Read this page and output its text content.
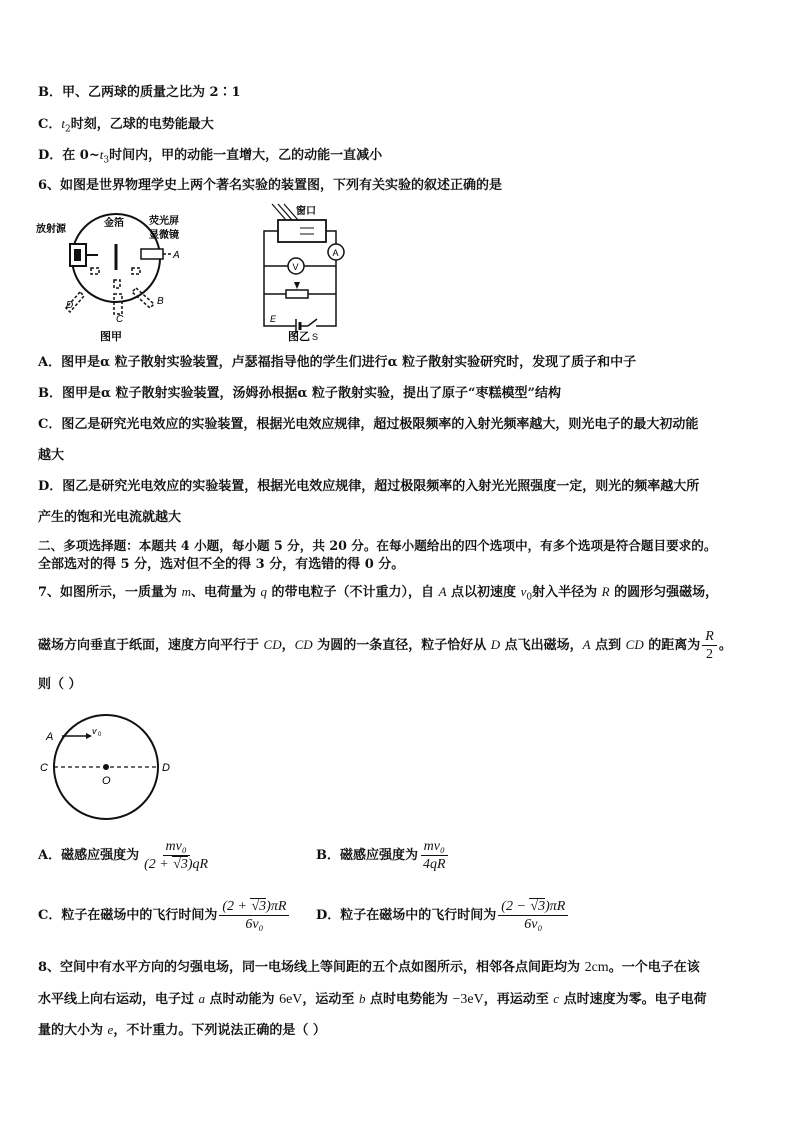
B．甲、乙两球的质量之比为 2∶1
C．$t_2$时刻，乙球的电势能最大
D．在 $0\sim t_3$时间内，甲的动能一直增大，乙的动能一直减小
6、如图是世界物理学史上两个著名实验的装置图，下列有关实验的叙述正确的是
放射源
金箔	荧光屏
显微镜
A
B
C
D
图甲
窗口
A
V
E
S
图乙
A．图甲是α 粒子散射实验装置，卢瑟福指导他的学生们进行α 粒子散射实验研究时，发现了质子和中子
B．图甲是α 粒子散射实验装置，汤姆孙根据α 粒子散射实验，提出了原子“枣糕模型”结构
C．图乙是研究光电效应的实验装置，根据光电效应规律，超过极限频率的入射光频率越大，则光电子的最大初动能
越大
D．图乙是研究光电效应的实验装置，根据光电效应规律，超过极限频率的入射光光照强度一定，则光的频率越大所
产生的饱和光电流就越大
二、多项选择题：本题共 4 小题，每小题 5 分，共 20 分。在每小题给出的四个选项中，有多个选项是符合题目要求的。
全部选对的得 5 分，选对但不全的得 3 分，有选错的得 0 分。
7、如图所示，一质量为 m、电荷量为 q 的带电粒子（不计重力），自 A 点以初速度 $v_0$射入半径为 R 的圆形匀强磁场，
磁场方向垂直于纸面，速度方向平行于 CD，CD 为圆的一条直径，粒子恰好从 D 点飞出磁场，A 点到 CD 的距离为 $\frac{R}{2}$ 。
则（ ）
A
C
O
D
v 0
A．磁感应强度为 $\frac{\text{mv₀}}{(2 + √3)qR}$	B．磁感应强度为 $\frac{\text{mv₀}}{4qR}$
C．粒子在磁场中的飞行时间为 $\frac{(2 + √3)\pi R}{\text{6v₀}}$ D．粒子在磁场中的飞行时间为 $\frac{(2 - √3)\pi R}{\text{6v₀}}$
8、空间中有水平方向的匀强电场，同一电场线上等间距的五个点如图所示，相邻各点间距均为 2cm。一个电子在该
水平线上向右运动，电子过 a 点时动能为 6eV，运动至 b 点时电势能为 −3eV，再运动至 c 点时速度为零。电子电荷
量的大小为 e，不计重力。下列说法正确的是（ ）
